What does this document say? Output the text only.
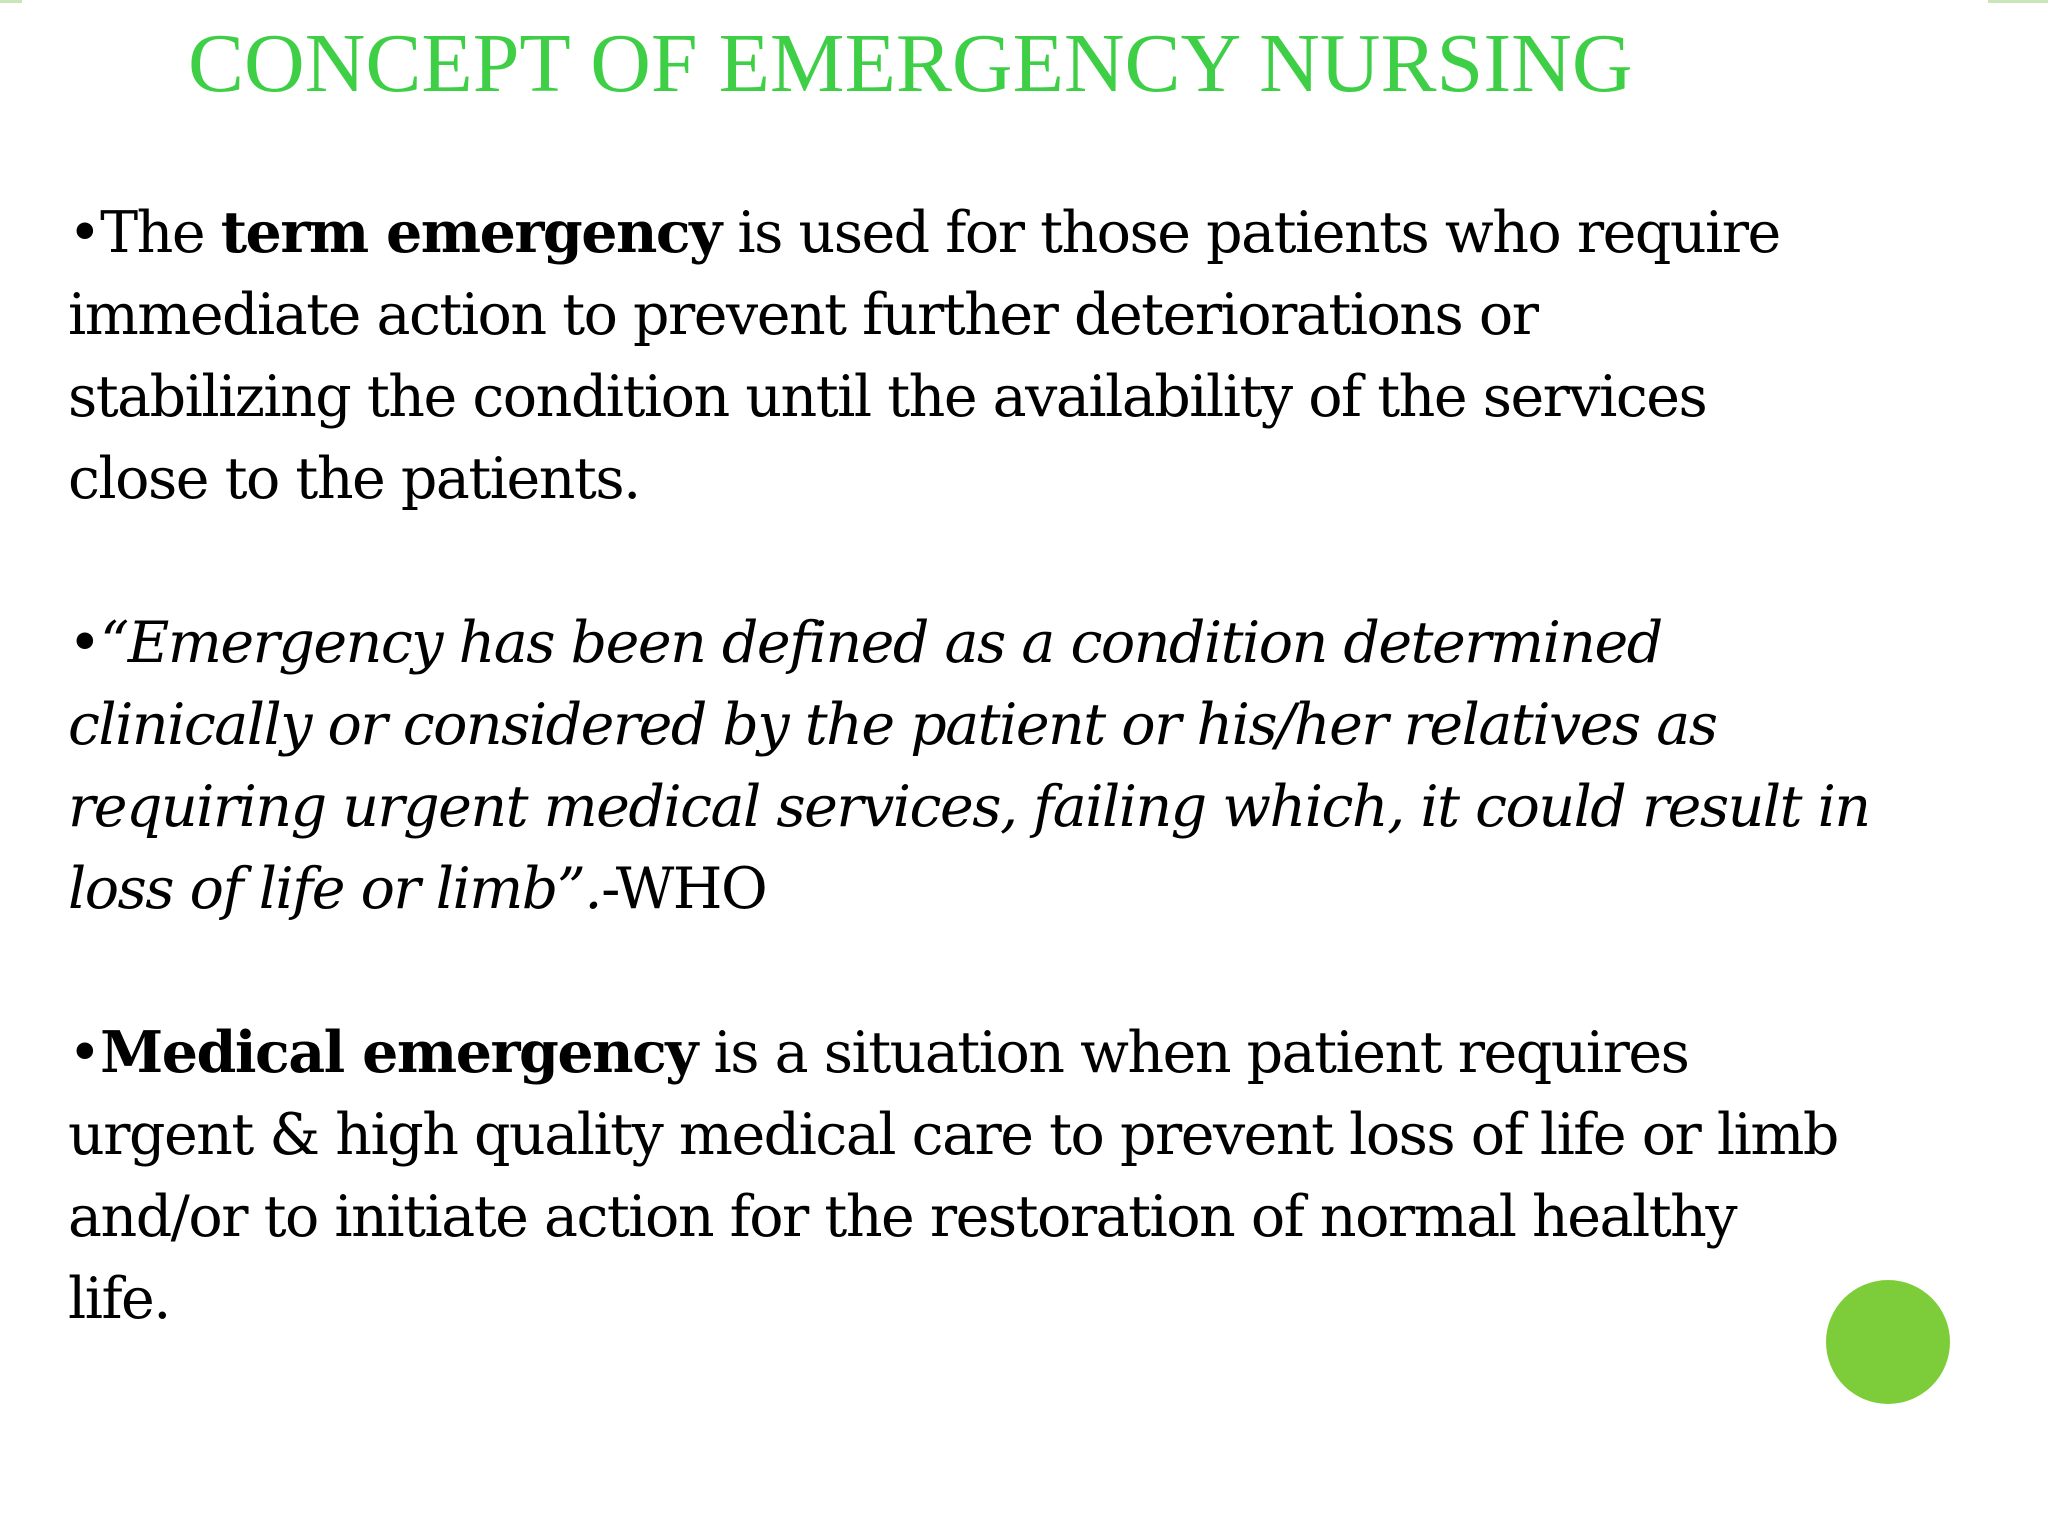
CONCEPT OF EMERGENCY NURSING

•The term emergency is used for those patients who require
immediate action to prevent further deteriorations or
stabilizing the condition until the availability of the services
close to the patients.

•“Emergency has been defined as a condition determined
clinically or considered by the patient or his/her relatives as
requiring urgent medical services, failing which, it could result in
loss of life or limb”.-WHO

•Medical emergency is a situation when patient requires
urgent & high quality medical care to prevent loss of life or limb
and/or to initiate action for the restoration of normal healthy
life.
